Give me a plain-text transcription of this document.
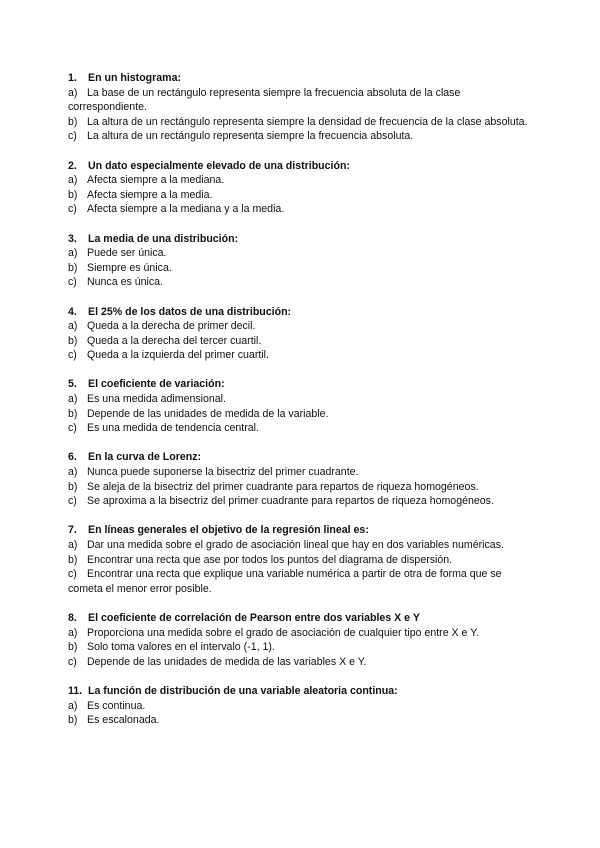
1. En un histograma:
a) La base de un rectángulo representa siempre la frecuencia absoluta de la clase correspondiente.
b) La altura de un rectángulo representa siempre la densidad de frecuencia de la clase absoluta.
c) La altura de un rectángulo representa siempre la frecuencia absoluta.
2. Un dato especialmente elevado de una distribución:
a) Afecta siempre a la mediana.
b) Afecta siempre a la media.
c) Afecta siempre a la mediana y a la media.
3. La media de una distribución:
a) Puede ser única.
b) Siempre es única.
c) Nunca es única.
4. El 25% de los datos de una distribución:
a) Queda a la derecha de primer decil.
b) Queda a la derecha del tercer cuartil.
c) Queda a la izquierda del primer cuartil.
5. El coeficiente de variación:
a) Es una medida adimensional.
b) Depende de las unidades de medida de la variable.
c) Es una medida de tendencia central.
6. En la curva de Lorenz:
a) Nunca puede suponerse la bisectriz del primer cuadrante.
b) Se aleja de la bisectriz del primer cuadrante para repartos de riqueza homogéneos.
c) Se aproxima a la bisectriz del primer cuadrante para repartos de riqueza homogéneos.
7. En líneas generales el objetivo de la regresión lineal es:
a) Dar una medida sobre el grado de asociación lineal que hay en dos variables numéricas.
b) Encontrar una recta que ase por todos los puntos del diagrama de dispersión.
c) Encontrar una recta que explique una variable numérica a partir de otra de forma que se cometa el menor error posible.
8. El coeficiente de correlación de Pearson entre dos variables X e Y
a) Proporciona una medida sobre el grado de asociación de cualquier tipo entre X e Y.
b) Solo toma valores en el intervalo (-1, 1).
c) Depende de las unidades de medida de las variables X e Y.
11. La función de distribución de una variable aleatoria continua:
a) Es continua.
b) Es escalonada.
